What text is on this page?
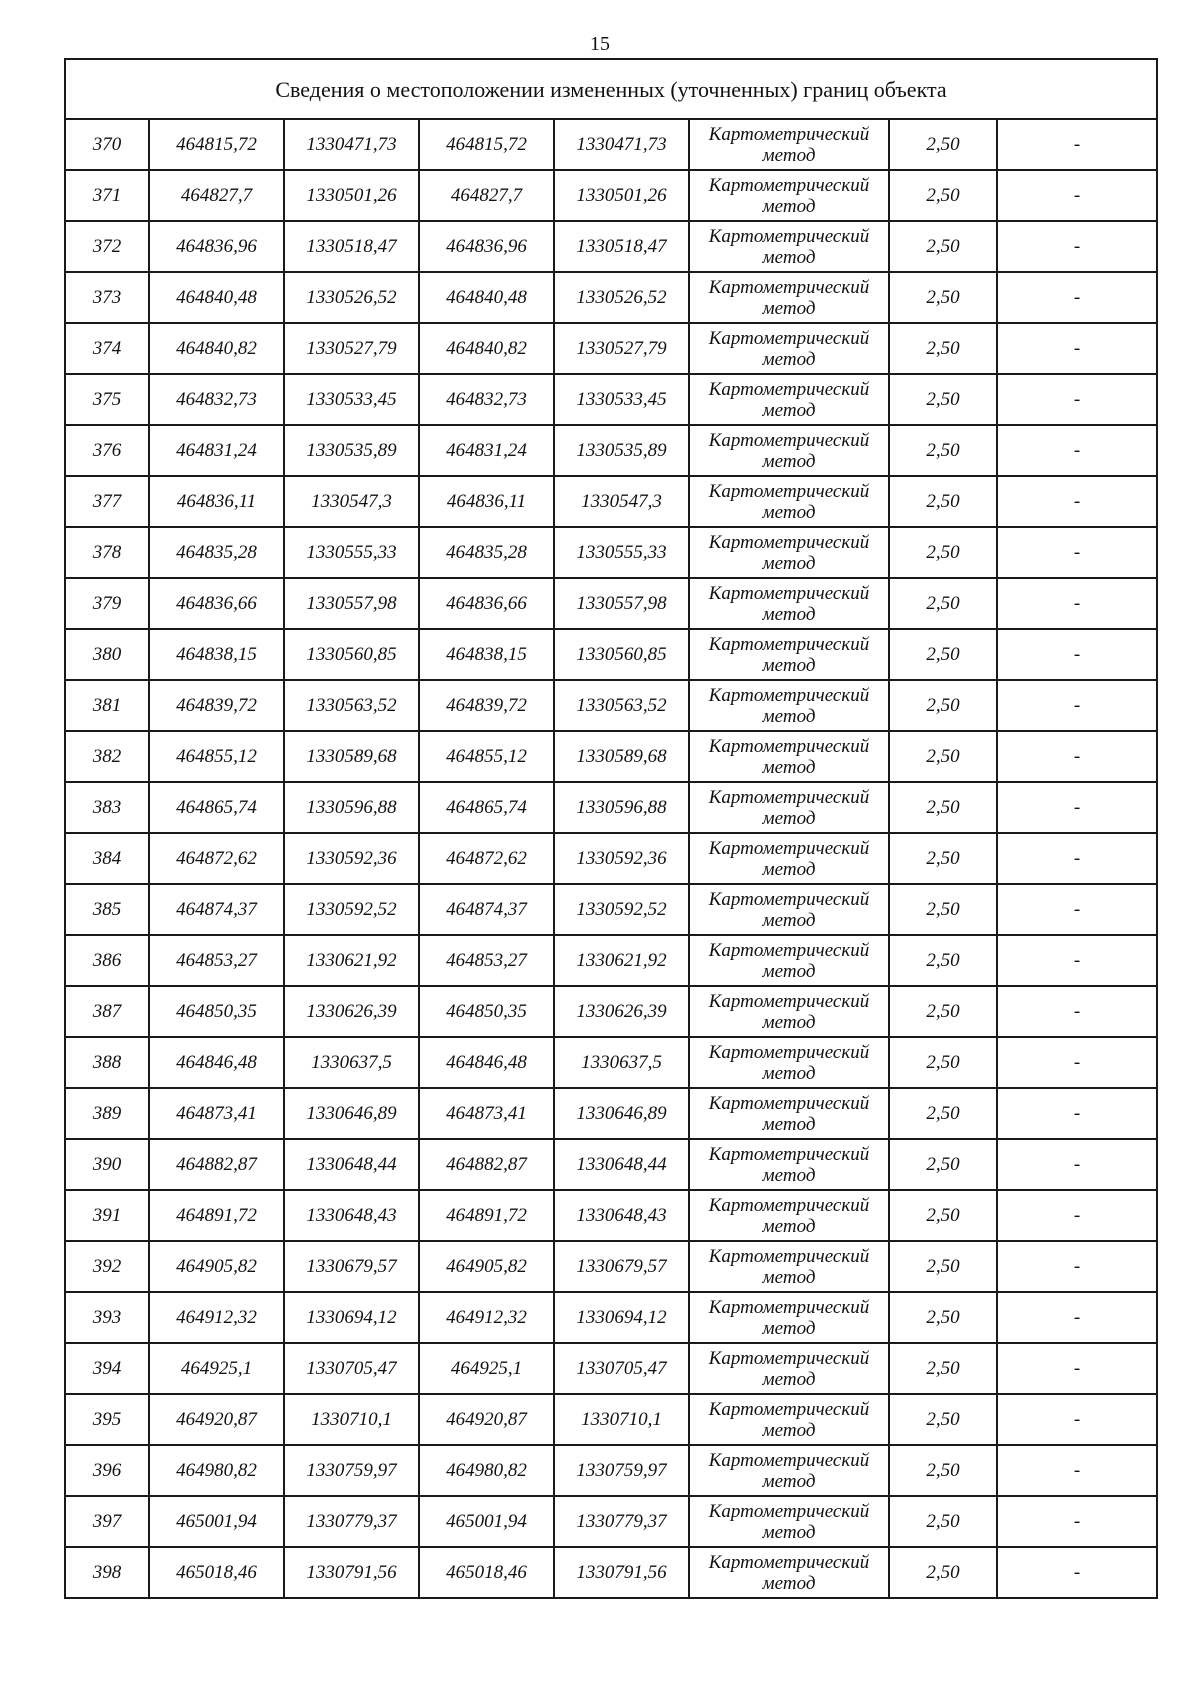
15
Сведения о местоположении измененных (уточненных) границ объекта							
370	464815,72	1330471,73	464815,72	1330471,73	Картометрический метод	2,50	-
371	464827,7	1330501,26	464827,7	1330501,26	Картометрический метод	2,50	-
372	464836,96	1330518,47	464836,96	1330518,47	Картометрический метод	2,50	-
373	464840,48	1330526,52	464840,48	1330526,52	Картометрический метод	2,50	-
374	464840,82	1330527,79	464840,82	1330527,79	Картометрический метод	2,50	-
375	464832,73	1330533,45	464832,73	1330533,45	Картометрический метод	2,50	-
376	464831,24	1330535,89	464831,24	1330535,89	Картометрический метод	2,50	-
377	464836,11	1330547,3	464836,11	1330547,3	Картометрический метод	2,50	-
378	464835,28	1330555,33	464835,28	1330555,33	Картометрический метод	2,50	-
379	464836,66	1330557,98	464836,66	1330557,98	Картометрический метод	2,50	-
380	464838,15	1330560,85	464838,15	1330560,85	Картометрический метод	2,50	-
381	464839,72	1330563,52	464839,72	1330563,52	Картометрический метод	2,50	-
382	464855,12	1330589,68	464855,12	1330589,68	Картометрический метод	2,50	-
383	464865,74	1330596,88	464865,74	1330596,88	Картометрический метод	2,50	-
384	464872,62	1330592,36	464872,62	1330592,36	Картометрический метод	2,50	-
385	464874,37	1330592,52	464874,37	1330592,52	Картометрический метод	2,50	-
386	464853,27	1330621,92	464853,27	1330621,92	Картометрический метод	2,50	-
387	464850,35	1330626,39	464850,35	1330626,39	Картометрический метод	2,50	-
388	464846,48	1330637,5	464846,48	1330637,5	Картометрический метод	2,50	-
389	464873,41	1330646,89	464873,41	1330646,89	Картометрический метод	2,50	-
390	464882,87	1330648,44	464882,87	1330648,44	Картометрический метод	2,50	-
391	464891,72	1330648,43	464891,72	1330648,43	Картометрический метод	2,50	-
392	464905,82	1330679,57	464905,82	1330679,57	Картометрический метод	2,50	-
393	464912,32	1330694,12	464912,32	1330694,12	Картометрический метод	2,50	-
394	464925,1	1330705,47	464925,1	1330705,47	Картометрический метод	2,50	-
395	464920,87	1330710,1	464920,87	1330710,1	Картометрический метод	2,50	-
396	464980,82	1330759,97	464980,82	1330759,97	Картометрический метод	2,50	-
397	465001,94	1330779,37	465001,94	1330779,37	Картометрический метод	2,50	-
398	465018,46	1330791,56	465018,46	1330791,56	Картометрический метод	2,50	-
